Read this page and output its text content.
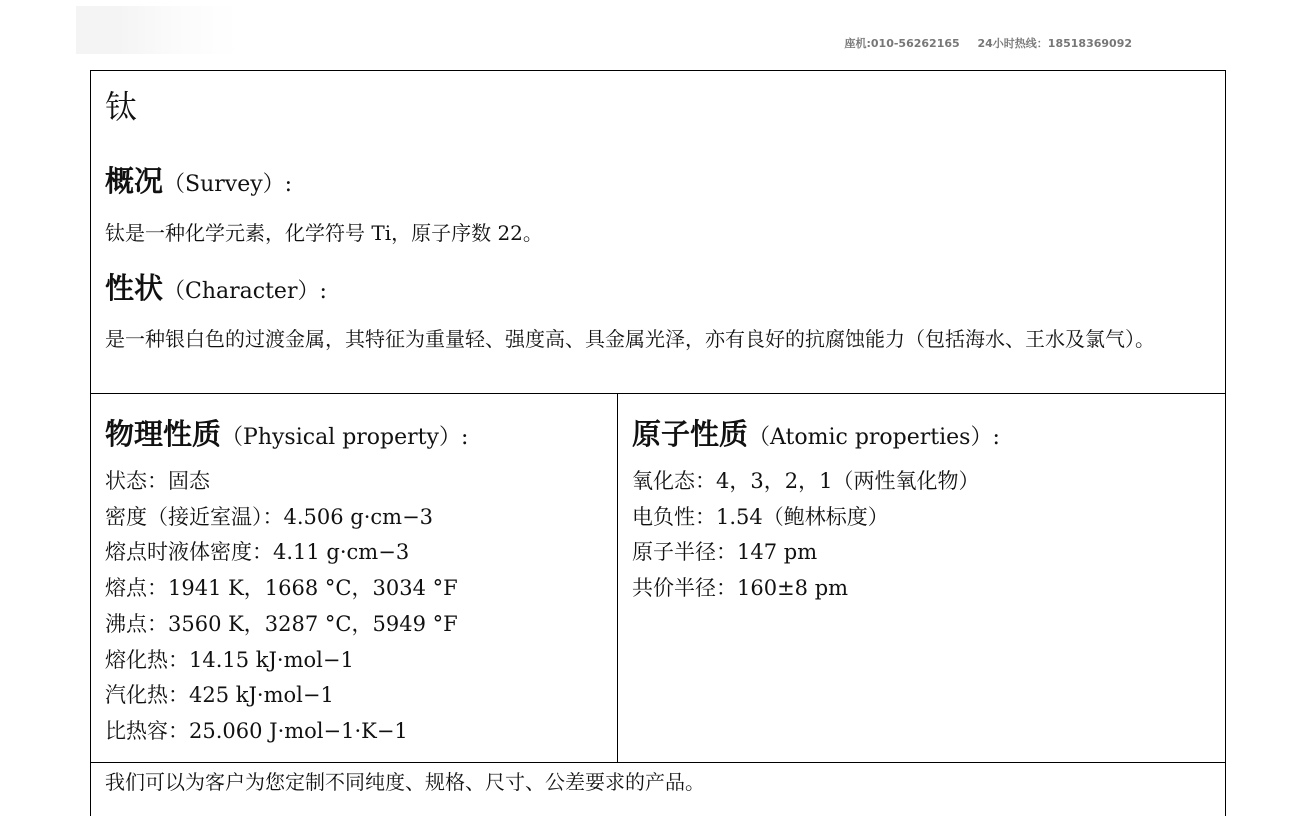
座机:010-56262165 24小时热线：18518369092
钛
概况（Survey）:

钛是一种化学元素，化学符号 Ti，原子序数 22。

性状（Character）:

是一种银白色的过渡金属，其特征为重量轻、强度高、具金属光泽，亦有良好的抗腐蚀能力（包括海水、王水及氯气）。

物理性质（Physical property）:
状态：固态
密度（接近室温）：4.506 g·cm−3
熔点时液体密度：4.11 g·cm−3
熔点：1941 K，1668 °C，3034 °F
沸点：3560 K，3287 °C，5949 °F
熔化热：14.15 kJ·mol−1
汽化热：425 kJ·mol−1
比热容：25.060 J·mol−1·K−1
原子性质（Atomic properties）:
氧化态：4，3，2，1（两性氧化物）
电负性：1.54（鲍林标度）
原子半径：147 pm
共价半径：160±8 pm

我们可以为客户为您定制不同纯度、规格、尺寸、公差要求的产品。
